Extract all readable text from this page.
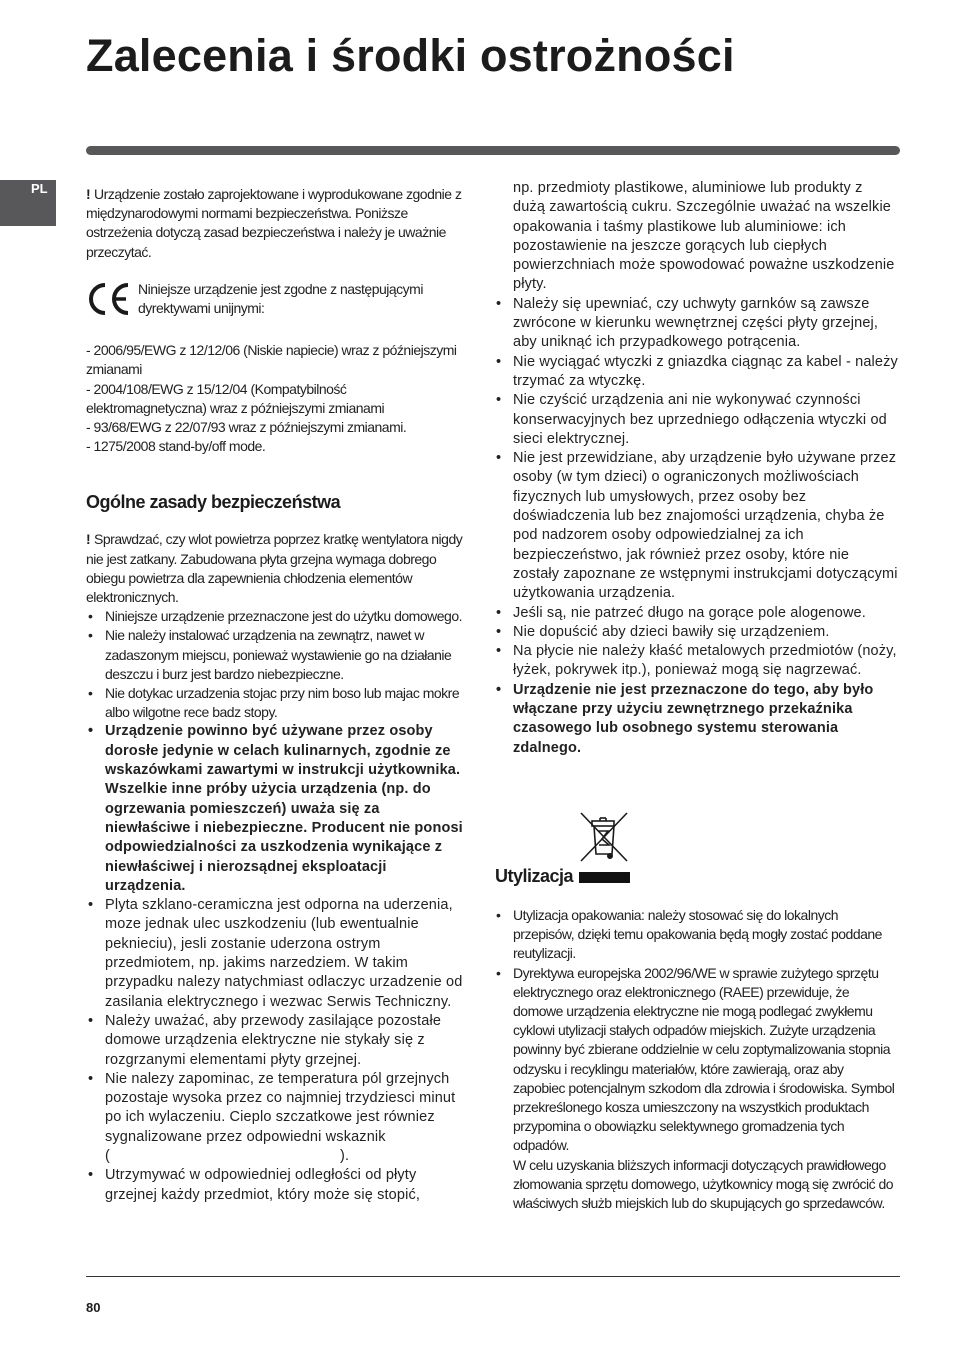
Zalecenia i środki ostrożności
PL	! Urządzenie zostało zaprojektowane i wyprodukowane zgodnie z międzynarodowymi normami bezpieczeństwa. Poniższe ostrzeżenia dotyczą zasad bezpieczeństwa i należy je uważnie przeczytać.

Niniejsze urządzenie jest zgodne z następującymi dyrektywami unijnymi:

- 2006/95/EWG z 12/12/06 (Niskie napiecie) wraz z późniejszymi zmianami

- 2004/108/EWG z 15/12/04 (Kompatybilność elektromagnetyczna) wraz z późniejszymi zmianami

- 93/68/EWG z 22/07/93 wraz z późniejszymi zmianami.

- 1275/2008 stand-by/off mode.

Ogólne zasady bezpieczeństwa

! Sprawdzać, czy wlot powietrza poprzez kratkę wentylatora nigdy nie jest zatkany. Zabudowana płyta grzejna wymaga dobrego obiegu powietrza dla zapewnienia chłodzenia elementów elektronicznych.

• Niniejsze urządzenie przeznaczone jest do użytku domowego.
• Nie należy instalować urządzenia na zewnątrz, nawet w zadaszonym miejscu, ponieważ wystawienie go na działanie deszczu i burz jest bardzo niebezpieczne.
• Nie dotykac urzadzenia stojac przy nim boso lub majac mokre albo wilgotne rece badz stopy.
• Urządzenie powinno być używane przez osoby dorosłe jedynie w celach kulinarnych, zgodnie ze wskazówkami zawartymi w instrukcji użytkownika. Wszelkie inne próby użycia urządzenia (np. do ogrzewania pomieszczeń) uważa się za niewłaściwe i niebezpieczne. Producent nie ponosi odpowiedzialności za uszkodzenia wynikające z niewłaściwej i nierozsądnej eksploatacji urządzenia.
• Plyta szklano-ceramiczna jest odporna na uderzenia, moze jednak ulec uszkodzeniu (lub ewentualnie peknieciu), jesli zostanie uderzona ostrym przedmiotem, np. jakims narzedziem. W takim przypadku nalezy natychmiast odlaczyc urzadzenie od zasilania elektrycznego i wezwac Serwis Techniczny.
• Należy uważać, aby przewody zasilające pozostałe domowe urządzenia elektryczne nie stykały się z rozgrzanymi elementami płyty grzejnej.
• Nie nalezy zapominac, ze temperatura pól grzejnych pozostaje wysoka przez co najmniej trzydziesci minut po ich wylaczeniu. Cieplo szczatkowe jest równiez sygnalizowane przez odpowiedni wskaznik
(	).
• Utrzymywać w odpowiedniej odległości od płyty grzejnej każdy przedmiot, który może się stopić,

np. przedmioty plastikowe, aluminiowe lub produkty z dużą zawartością cukru. Szczególnie uważać na wszelkie opakowania i taśmy plastikowe lub aluminiowe: ich pozostawienie na jeszcze gorących lub ciepłych powierzchniach może spowodować poważne uszkodzenie płyty.

• Należy się upewniać, czy uchwyty garnków są zawsze zwrócone w kierunku wewnętrznej części płyty grzejnej, aby uniknąć ich przypadkowego potrącenia.
• Nie wyciągać wtyczki z gniazdka ciągnąc za kabel - należy trzymać za wtyczkę.
• Nie czyścić urządzenia ani nie wykonywać czynności konserwacyjnych bez uprzedniego odłączenia wtyczki od sieci elektrycznej.
• Nie jest przewidziane, aby urządzenie było używane przez osoby (w tym dzieci) o ograniczonych możliwościach fizycznych lub umysłowych, przez osoby bez doświadczenia lub bez znajomości urządzenia, chyba że pod nadzorem osoby odpowiedzialnej za ich bezpieczeństwo, jak również przez osoby, które nie zostały zapoznane ze wstępnymi instrukcjami dotyczącymi użytkowania urządzenia.
• Jeśli są, nie patrzeć długo na gorące pole alogenowe.
• Nie dopuścić aby dzieci bawiły się urządzeniem.
• Na płycie nie należy kłaść metalowych przedmiotów (noży, łyżek, pokrywek itp.), ponieważ mogą się nagrzewać.
• Urządzenie nie jest przeznaczone do tego, aby było włączane przy użyciu zewnętrznego przekaźnika czasowego lub osobnego systemu sterowania zdalnego.
Utylizacja
• Utylizacja opakowania: należy stosować się do lokalnych przepisów, dzięki temu opakowania będą mogły zostać poddane reutylizacji.
• Dyrektywa europejska 2002/96/WE w sprawie zużytego sprzętu elektrycznego oraz elektronicznego (RAEE) przewiduje, że domowe urządzenia elektryczne nie mogą podlegać zwykłemu cyklowi utylizacji stałych odpadów miejskich. Zużyte urządzenia powinny być zbierane oddzielnie w celu zoptymalizowania stopnia odzysku i recyklingu materiałów, które zawierają, oraz aby zapobiec potencjalnym szkodom dla zdrowia i środowiska. Symbol przekreślonego kosza umieszczony na wszystkich produktach przypomina o obowiązku selektywnego gromadzenia tych odpadów.
W celu uzyskania bliższych informacji dotyczących prawidłowego złomowania sprzętu domowego, użytkownicy mogą się zwrócić do właściwych służb miejskich lub do skupujących go sprzedawców.
80
